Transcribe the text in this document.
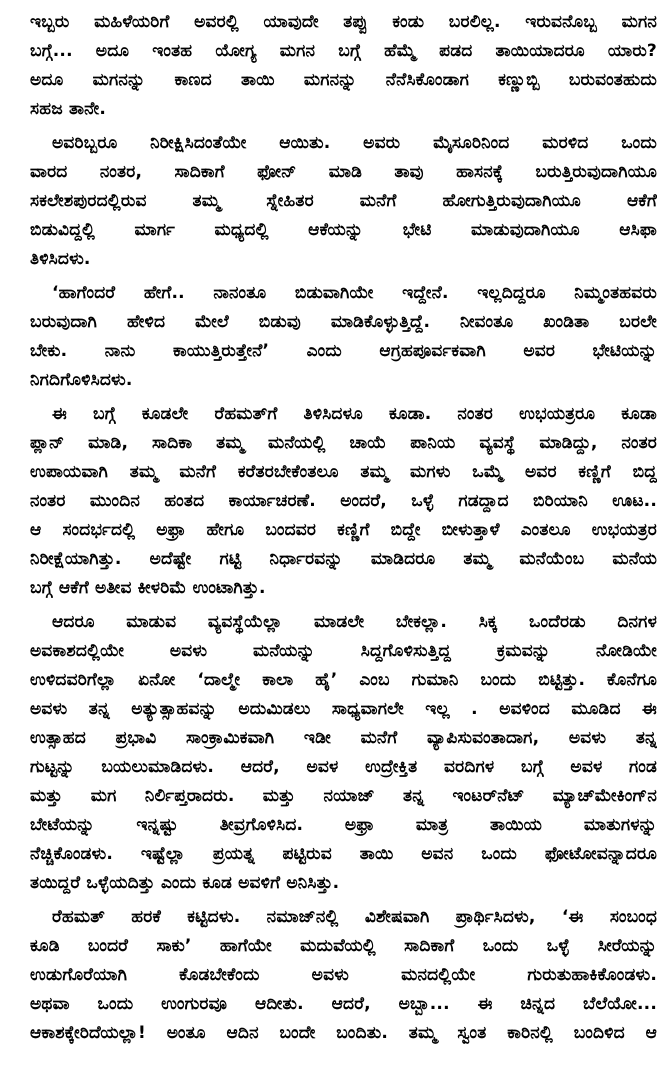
ಇಬ್ಬರು ಮಹಿಳೆಯರಿಗೆ ಅವರಲ್ಲಿ ಯಾವುದೇ ತಪ್ಪು ಕಂಡು ಬರಲಿಲ್ಲ. ಇರುವನೊಬ್ಬ ಮಗನ
ಬಗ್ಗೆ... ಅದೂ ಇಂತಹ ಯೋಗ್ಯ ಮಗನ ಬಗ್ಗೆ ಹೆಮ್ಮೆ ಪಡದ ತಾಯಿಯಾದರೂ ಯಾರು?
ಅದೂ ಮಗನನ್ನು ಕಾಣದ ತಾಯಿ ಮಗನನ್ನು ನೆನೆಸಿಕೊಂಡಾಗ ಕಣ್ಣುಬ್ಬಿ ಬರುವಂತಹುದು
ಸಹಜ ತಾನೇ.
ಅವರಿಬ್ಬರೂ ನಿರೀಕ್ಷಿಸಿದಂತೆಯೇ ಆಯಿತು. ಅವರು ಮೈಸೂರಿನಿಂದ ಮರಳಿದ ಒಂದು
ವಾರದ ನಂತರ, ಸಾದಿಕಾಗೆ ಫೋನ್ ಮಾಡಿ ತಾವು ಹಾಸನಕ್ಕೆ ಬರುತ್ತಿರುವುದಾಗಿಯೂ
ಸಕಲೇಶಪುರದಲ್ಲಿರುವ ತಮ್ಮ ಸ್ನೇಹಿತರ ಮನೆಗೆ ಹೋಗುತ್ತಿರುವುದಾಗಿಯೂ ಆಕೆಗೆ
ಬಿಡುವಿದ್ದಲ್ಲಿ ಮಾರ್ಗ ಮಧ್ಯದಲ್ಲಿ ಆಕೆಯನ್ನು ಭೇಟಿ ಮಾಡುವುದಾಗಿಯೂ ಆಸಿಫಾ
ತಿಳಿಸಿದಳು.
‘ಹಾಗೆಂದರೆ ಹೇಗೆ.. ನಾನಂತೂ ಬಿಡುವಾಗಿಯೇ ಇದ್ದೇನೆ. ಇಲ್ಲದಿದ್ದರೂ ನಿಮ್ಮಂತಹವರು
ಬರುವುದಾಗಿ ಹೇಳಿದ ಮೇಲೆ ಬಿಡುವು ಮಾಡಿಕೊಳ್ಳುತ್ತಿದ್ದೆ. ನೀವಂತೂ ಖಂಡಿತಾ ಬರಲೇ
ಬೇಕು. ನಾನು ಕಾಯುತ್ತಿರುತ್ತೇನೆ’ ಎಂದು ಆಗ್ರಹಪೂರ್ವಕವಾಗಿ ಅವರ ಭೇಟಿಯನ್ನು
ನಿಗದಿಗೊಳಿಸಿದಳು.
ಈ ಬಗ್ಗೆ ಕೂಡಲೇ ರೆಹಮತ್‌ಗೆ ತಿಳಿಸಿದಳೂ ಕೂಡಾ. ನಂತರ ಉಭಯತ್ರರೂ ಕೂಡಾ
ಪ್ಲಾನ್ ಮಾಡಿ, ಸಾದಿಕಾ ತಮ್ಮ ಮನೆಯಲ್ಲಿ ಚಾಯೆ ಪಾನಿಯ ವ್ಯವಸ್ಥೆ ಮಾಡಿದ್ದು, ನಂತರ
ಉಪಾಯವಾಗಿ ತಮ್ಮ ಮನೆಗೆ ಕರೆತರಬೇಕೆಂತಲೂ ತಮ್ಮ ಮಗಳು ಒಮ್ಮೆ ಅವರ ಕಣ್ಣಿಗೆ ಬಿದ್ದ
ನಂತರ ಮುಂದಿನ ಹಂತದ ಕಾರ್ಯಾಚರಣೆ. ಅಂದರೆ, ಒಳ್ಳೆ ಗಡದ್ದಾದ ಬಿರಿಯಾನಿ ಊಟ..
ಆ ಸಂದರ್ಭದಲ್ಲಿ ಅಫ್ರಾ ಹೇಗೂ ಬಂದವರ ಕಣ್ಣಿಗೆ ಬಿದ್ದೇ ಬೀಳುತ್ತಾಳೆ ಎಂತಲೂ ಉಭಯತ್ರರ
ನಿರೀಕ್ಷೆಯಾಗಿತ್ತು. ಅದೆಷ್ಟೇ ಗಟ್ಟಿ ನಿರ್ಧಾರವನ್ನು ಮಾಡಿದರೂ ತಮ್ಮ ಮನೆಯೆಂಬ ಮನೆಯ
ಬಗ್ಗೆ ಆಕೆಗೆ ಅತೀವ ಕೀಳರಿಮೆ ಉಂಟಾಗಿತ್ತು.
ಆದರೂ ಮಾಡುವ ವ್ಯವಸ್ಥೆಯೆಲ್ಲಾ ಮಾಡಲೇ ಬೇಕಲ್ಲಾ. ಸಿಕ್ಕ ಒಂದೆರಡು ದಿನಗಳ
ಅವಕಾಶದಲ್ಲಿಯೇ ಅವಳು ಮನೆಯನ್ನು ಸಿದ್ದಗೊಳಿಸುತ್ತಿದ್ದ ಕ್ರಮವನ್ನು ನೋಡಿಯೇ
ಉಳಿದವರಿಗೆಲ್ಲಾ ಏನೋ ‘ದಾಲ್ಮೇ ಕಾಲಾ ಹೈ’ ಎಂಬ ಗುಮಾನಿ ಬಂದು ಬಿಟ್ಟಿತ್ತು. ಕೊನೆಗೂ
ಅವಳು ತನ್ನ ಅತ್ಯುತ್ಸಾಹವನ್ನು ಅದುಮಿಡಲು ಸಾಧ್ಯವಾಗಲೇ ಇಲ್ಲ . ಅವಳಿಂದ ಮೂಡಿದ ಈ
ಉತ್ಸಾಹದ ಪ್ರಭಾವಿ ಸಾಂಕ್ರಾಮಿಕವಾಗಿ ಇಡೀ ಮನೆಗೆ ವ್ಯಾಪಿಸುವಂತಾದಾಗ, ಅವಳು ತನ್ನ
ಗುಟ್ಟನ್ನು ಬಯಲುಮಾಡಿದಳು. ಆದರೆ, ಅವಳ ಉದ್ರೇಕ್ತಿತ ವರದಿಗಳ ಬಗ್ಗೆ ಅವಳ ಗಂಡ
ಮತ್ತು ಮಗ ನಿರ್ಲಿಪ್ತರಾದರು. ಮತ್ತು ನಯಾಜ್ ತನ್ನ ಇಂಟರ್‌ನೆಟ್ ಮ್ಯಾಚ್‌ಮೇಕಿಂಗ್‌ನ
ಬೇಟೆಯನ್ನು ಇನ್ನಷ್ಟು ತೀವ್ರಗೊಳಿಸಿದ. ಅಫ್ರಾ ಮಾತ್ರ ತಾಯಿಯ ಮಾತುಗಳನ್ನು
ನೆಚ್ಚಿಕೊಂಡಳು. ಇಷ್ಟೆಲ್ಲಾ ಪ್ರಯತ್ನ ಪಟ್ಟಿರುವ ತಾಯಿ ಅವನ ಒಂದು ಫೋಟೋವನ್ನಾದರೂ
ತಯಿದ್ದರೆ ಒಳ್ಳೆಯದಿತ್ತು ಎಂದು ಕೂಡ ಅವಳಿಗೆ ಅನಿಸಿತ್ತು.
ರೆಹಮತ್ ಹರಕೆ ಕಟ್ಟಿದಳು. ನಮಾಜ್‌ನಲ್ಲಿ ವಿಶೇಷವಾಗಿ ಪ್ರಾರ್ಥಿಸಿದಳು, ‘ಈ ಸಂಬಂಧ
ಕೂಡಿ ಬಂದರೆ ಸಾಕು’ ಹಾಗೆಯೇ ಮದುವೆಯಲ್ಲಿ ಸಾದಿಕಾಗೆ ಒಂದು ಒಳ್ಳೆ ಸೀರೆಯನ್ನು
ಉಡುಗೊರೆಯಾಗಿ ಕೊಡಬೇಕೆಂದು ಅವಳು ಮನದಲ್ಲಿಯೇ ಗುರುತುಹಾಕಿಕೊಂಡಳು.
ಅಥವಾ ಒಂದು ಉಂಗುರವೂ ಆದೀತು. ಆದರೆ, ಅಬ್ಬಾ... ಈ ಚಿನ್ನದ ಬೆಲೆಯೋ...
ಆಕಾಶಕ್ಕೇರಿದೆಯಲ್ಲಾ! ಅಂತೂ ಆದಿನ ಬಂದೇ ಬಂದಿತು. ತಮ್ಮ ಸ್ವಂತ ಕಾರಿನಲ್ಲಿ ಬಂದಿಳಿದ ಆ
